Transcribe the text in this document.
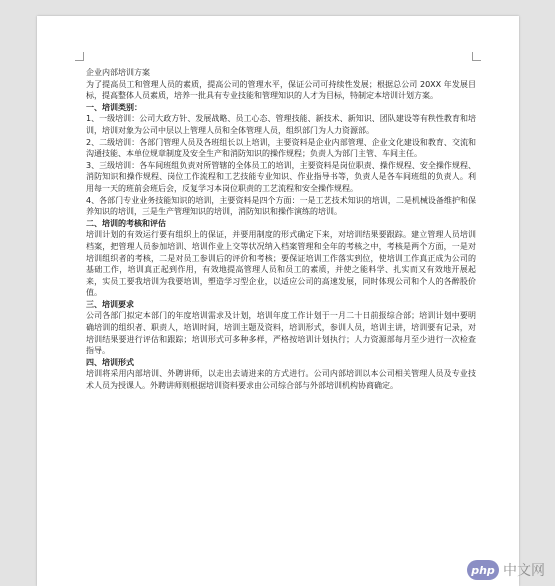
企业内部培训方案

为了提高员工和管理人员的素质，提高公司的管理水平，保证公司可持续性发展；根据总公司 20XX 年发展目标，提高整体人员素质，培养一批具有专业技能和管理知识的人才为目标，特制定本培训计划方案。

一、培训类别：

1、一级培训：公司大政方针、发展战略、员工心态、管理技能、新技术、新知识、团队建设等有秩性教育和培训，培训对象为公司中层以上管理人员和全体管理人员，组织部门为人力资源部。

2、二级培训：各部门管理人员及各班组长以上培训，主要资料是企业内部管理、企业文化建设和教育、交流和沟通技能、本单位规章制度及安全生产和消防知识的操作规程；负责人为部门主管、车间主任。

3、三级培训：各车间班组负责对所管辖的全体员工的培训，主要资料是岗位职责、操作规程、安全操作规程、消防知识和操作规程、岗位工作流程和工艺技能专业知识、作业指导书等，负责人是各车间班组的负责人。利用每一天的班前会班后会，反复学习本岗位职责的工艺流程和安全操作规程。

4、各部门专业业务技能知识的培训，主要资料是四个方面：一是工艺技术知识的培训，二是机械设备维护和保养知识的培训，三是生产管理知识的培训，消防知识和操作演练的培训。

二、培训的考核和评估

培训计划的有效运行要有组织上的保证，并要用制度的形式确定下来，对培训结果要跟踪。建立管理人员培训档案，把管理人员参加培训、培训作业上交等状况纳入档案管理和全年的考核之中，考核是两个方面，一是对培训组织者的考核，二是对员工参训后的评价和考核；要保证培训工作落实到位，使培训工作真正成为公司的基础工作，培训真正起到作用，有效地提高管理人员和员工的素质，并使之能料学、扎实而又有效地开展起来，实员工要我培训为我要培训，塑造学习型企业，以适应公司的高速发展，同时体现公司和个人的各醉股价值。

三、培训要求

公司各部门拟定本部门的年度培训需求及计划，培训年度工作计划于一月二十日前报综合部；培训计划中要明确培训的组织者、职责人，培训时间，培训主题及资料，培训形式，参训人员，培训主讲，培训要有记录，对培训结果要进行评估和跟踪；培训形式可多种多样，严格按培训计划执行；人力资源部每月至少进行一次检查指导。

四、培训形式

培训将采用内部培训、外聘讲师，以走出去请进来的方式进行。公司内部培训以本公司相关管理人员及专业技术人员为授课人。外聘讲师则根据培训资料要求由公司综合部与外部培训机构协商确定。

php 中文网
